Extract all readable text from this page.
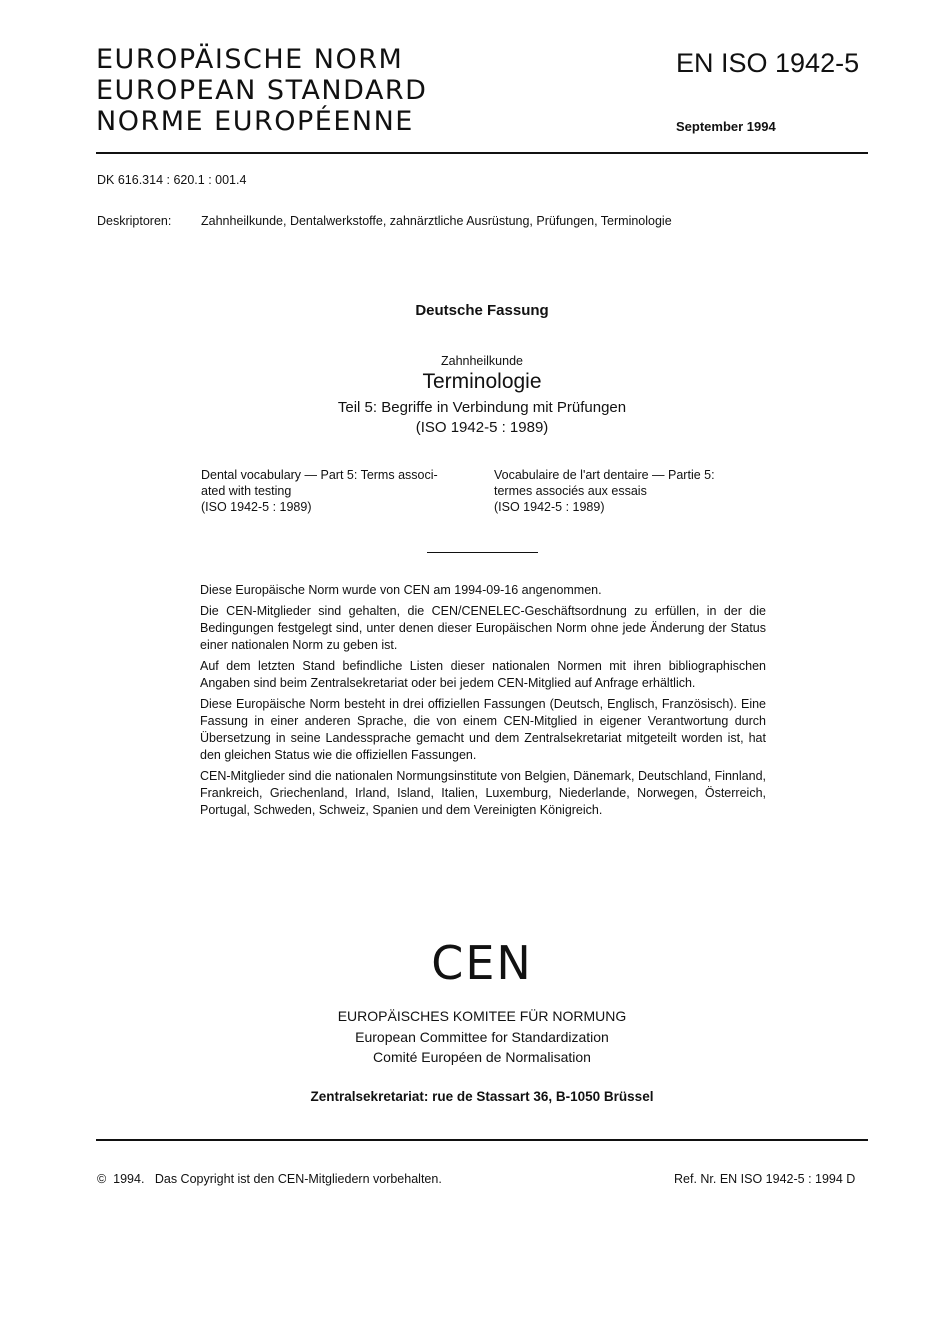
EUROPÄISCHE NORM
EUROPEAN STANDARD
NORME EUROPÉENNE
EN ISO 1942-5
September 1994
DK 616.314 : 620.1 : 001.4
Deskriptoren: Zahnheilkunde, Dentalwerkstoffe, zahnärztliche Ausrüstung, Prüfungen, Terminologie
Deutsche Fassung
Zahnheilkunde
Terminologie
Teil 5: Begriffe in Verbindung mit Prüfungen
(ISO 1942-5 : 1989)
Dental vocabulary — Part 5: Terms associ-
ated with testing
(ISO 1942-5 : 1989)
Vocabulaire de l'art dentaire — Partie 5:
termes associés aux essais
(ISO 1942-5 : 1989)

Diese Europäische Norm wurde von CEN am 1994-09-16 angenommen.

Die CEN-Mitglieder sind gehalten, die CEN/CENELEC-Geschäftsordnung zu erfüllen, in der die Bedingungen festgelegt sind, unter denen dieser Europäischen Norm ohne jede Änderung der Status einer nationalen Norm zu geben ist.

Auf dem letzten Stand befindliche Listen dieser nationalen Normen mit ihren bibliographischen Angaben sind beim Zentralsekretariat oder bei jedem CEN-Mitglied auf Anfrage erhältlich.

Diese Europäische Norm besteht in drei offiziellen Fassungen (Deutsch, Englisch, Französisch). Eine Fassung in einer anderen Sprache, die von einem CEN-Mitglied in eigener Verantwortung durch Übersetzung in seine Landessprache gemacht und dem Zentralsekretariat mitgeteilt worden ist, hat den gleichen Status wie die offiziellen Fassungen.

CEN-Mitglieder sind die nationalen Normungsinstitute von Belgien, Dänemark, Deutschland, Finnland, Frankreich, Griechenland, Irland, Island, Italien, Luxemburg, Niederlande, Norwegen, Österreich, Portugal, Schweden, Schweiz, Spanien und dem Vereinigten Königreich.

CEN
EUROPÄISCHES KOMITEE FÜR NORMUNG
European Committee for Standardization
Comité Européen de Normalisation
Zentralsekretariat: rue de Stassart 36, B-1050 Brüssel
©  1994.   Das Copyright ist den CEN-Mitgliedern vorbehalten.	Ref. Nr. EN ISO 1942-5 : 1994 D
